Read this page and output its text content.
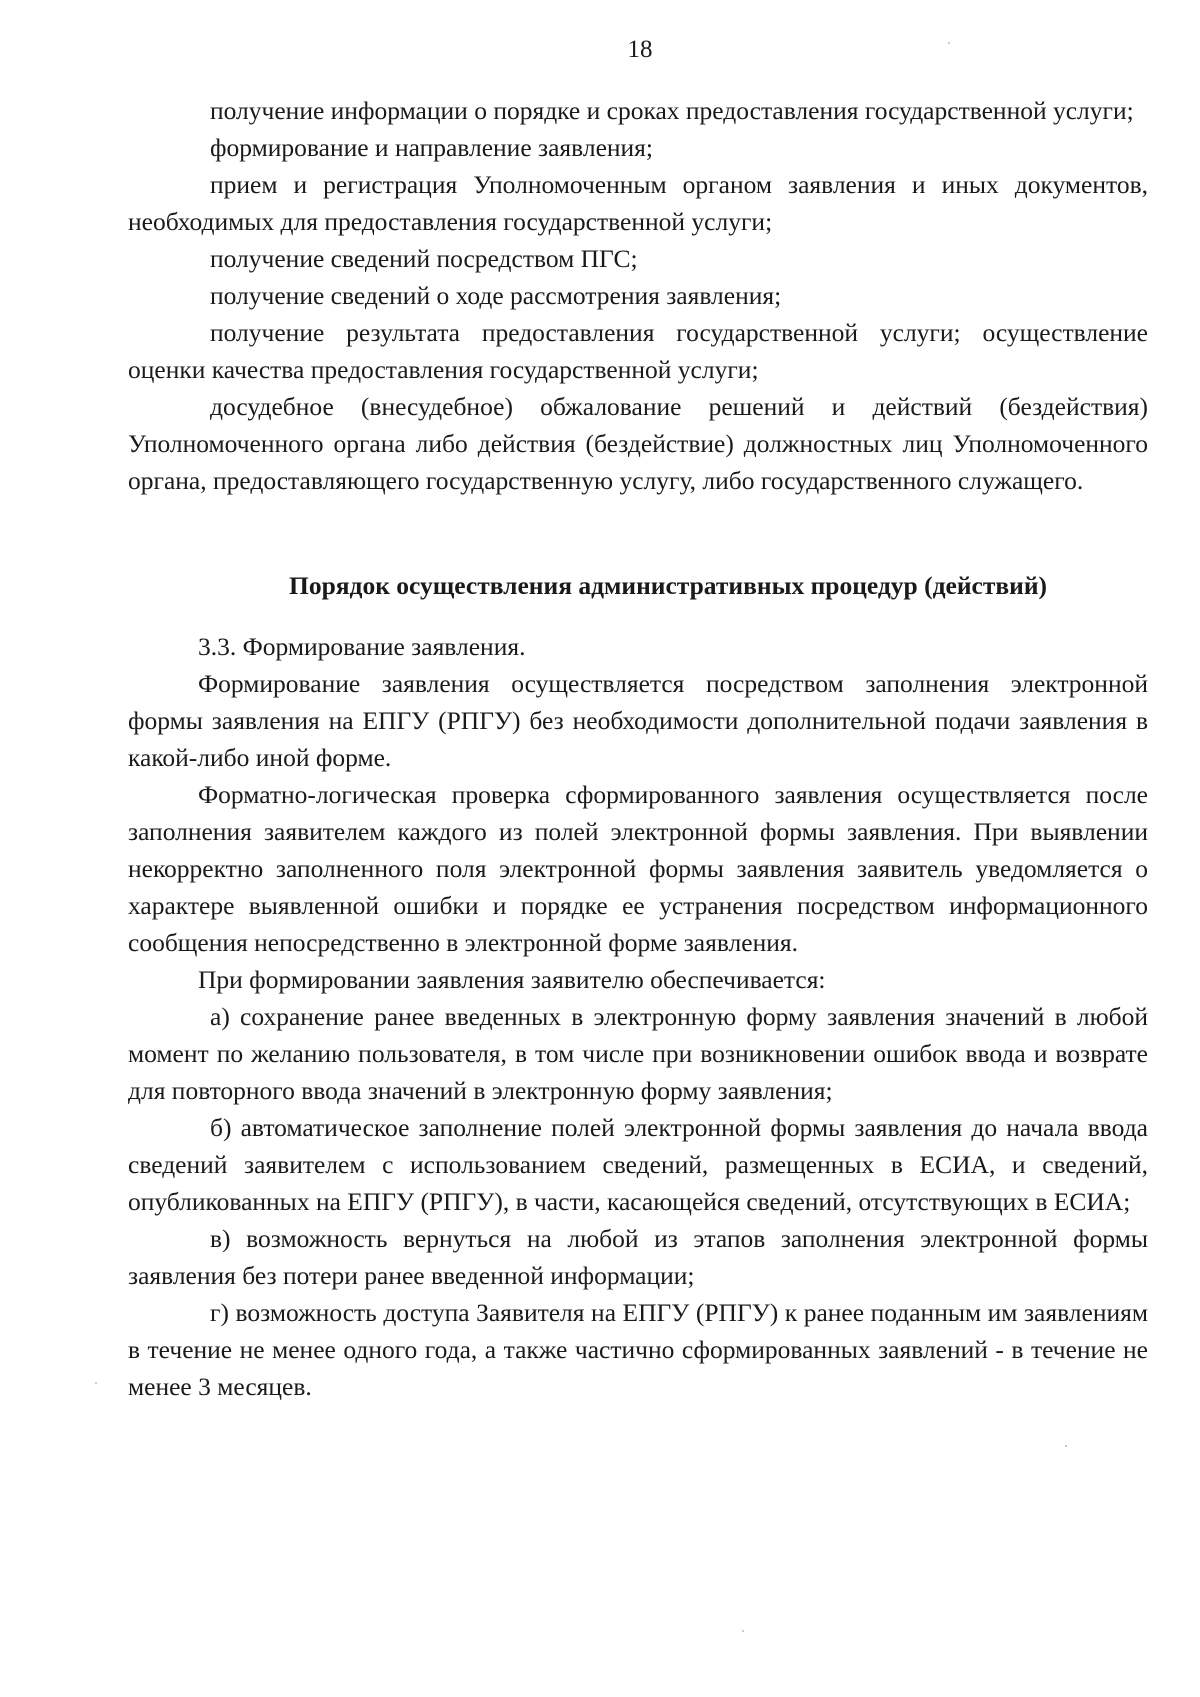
18

получение информации о порядке и сроках предоставления государственной услуги;

формирование и направление заявления;

прием и регистрация Уполномоченным органом заявления и иных документов, необходимых для предоставления государственной услуги;

получение сведений посредством ПГС;

получение сведений о ходе рассмотрения заявления;

получение результата предоставления государственной услуги; осуществление оценки качества предоставления государственной услуги;

досудебное (внесудебное) обжалование решений и действий (бездействия) Уполномоченного органа либо действия (бездействие) должностных лиц Уполномоченного органа, предоставляющего государственную услугу, либо государственного служащего.

Порядок осуществления административных процедур (действий)

3.3. Формирование заявления.

Формирование заявления осуществляется посредством заполнения электронной формы заявления на ЕПГУ (РПГУ) без необходимости дополнительной подачи заявления в какой-либо иной форме.

Форматно-логическая проверка сформированного заявления осуществляется после заполнения заявителем каждого из полей электронной формы заявления. При выявлении некорректно заполненного поля электронной формы заявления заявитель уведомляется о характере выявленной ошибки и порядке ее устранения посредством информационного сообщения непосредственно в электронной форме заявления.

При формировании заявления заявителю обеспечивается:

а) сохранение ранее введенных в электронную форму заявления значений в любой момент по желанию пользователя, в том числе при возникновении ошибок ввода и возврате для повторного ввода значений в электронную форму заявления;

б) автоматическое заполнение полей электронной формы заявления до начала ввода сведений заявителем с использованием сведений, размещенных в ЕСИА, и сведений, опубликованных на ЕПГУ (РПГУ), в части, касающейся сведений, отсутствующих в ЕСИА;

в) возможность вернуться на любой из этапов заполнения электронной формы заявления без потери ранее введенной информации;

г) возможность доступа Заявителя на ЕПГУ (РПГУ) к ранее поданным им заявлениям в течение не менее одного года, а также частично сформированных заявлений - в течение не менее 3 месяцев.
